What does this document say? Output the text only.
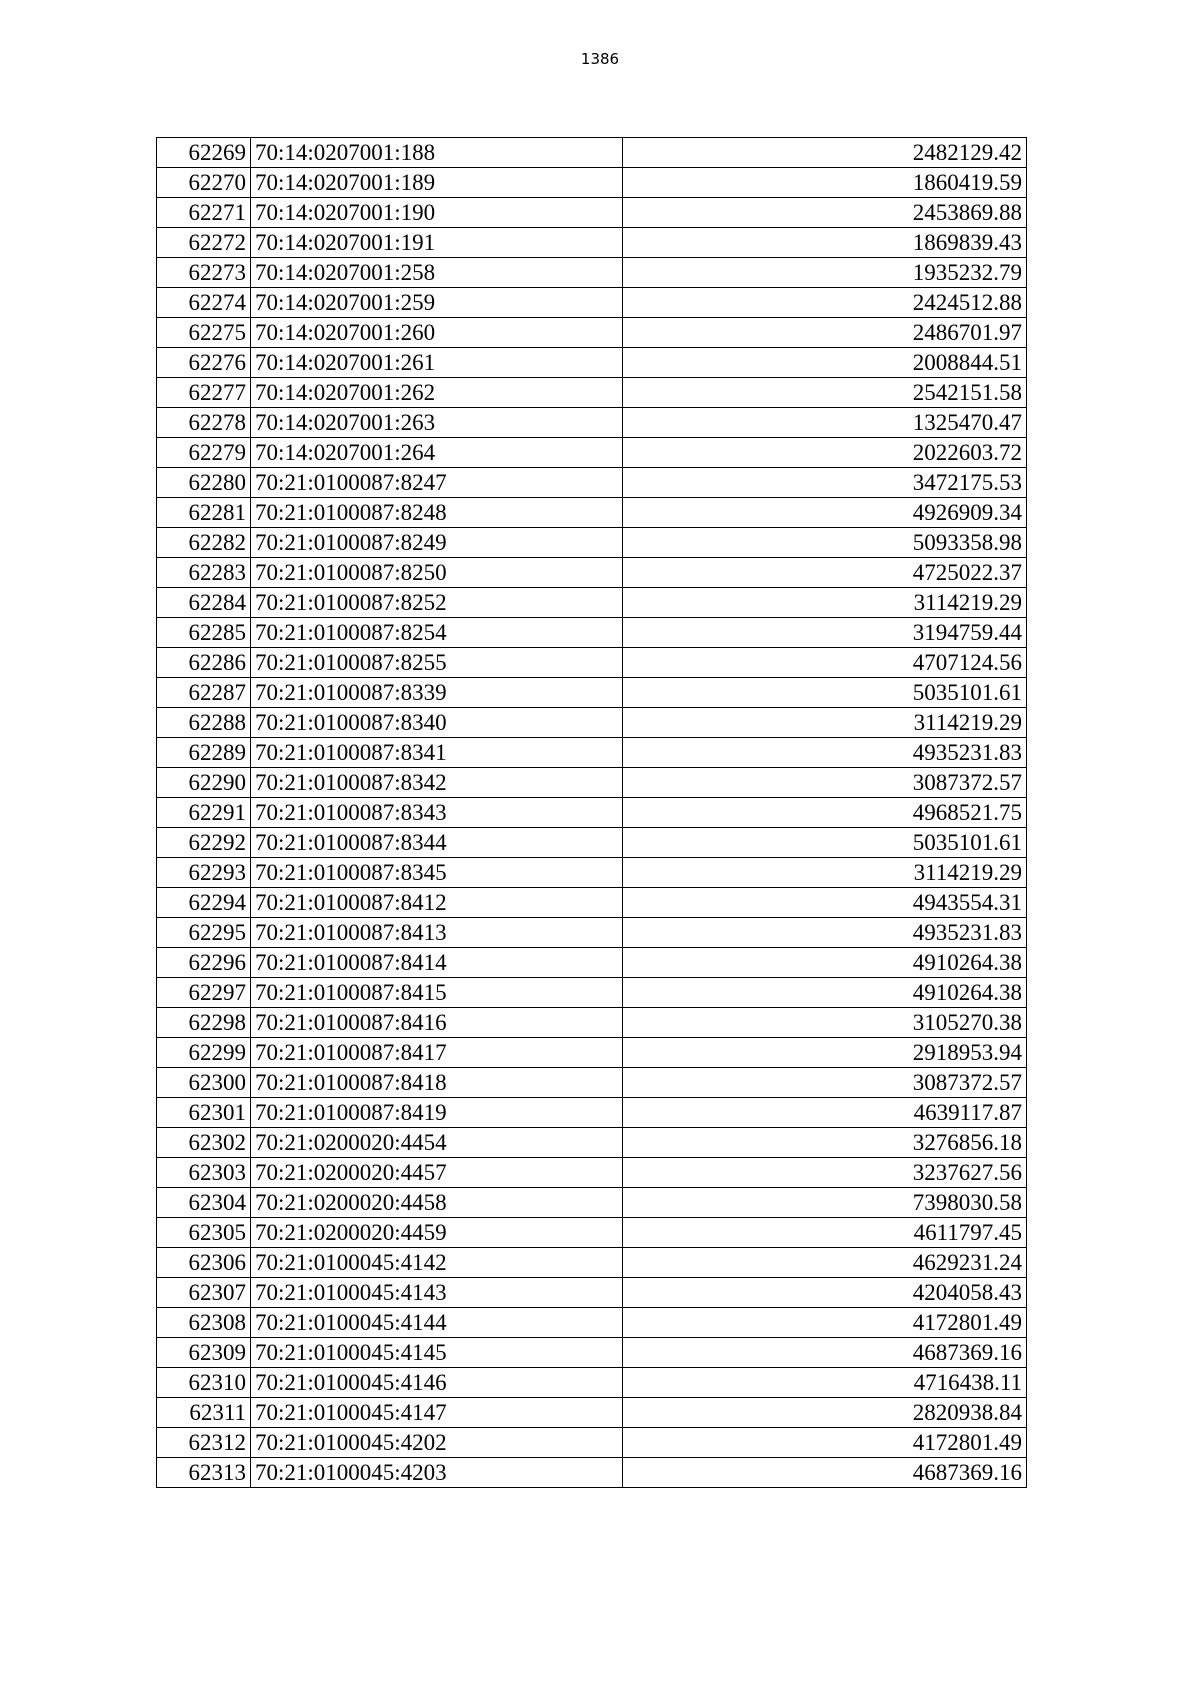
1386
62269	70:14:0207001:188	2482129.42
62270	70:14:0207001:189	1860419.59
62271	70:14:0207001:190	2453869.88
62272	70:14:0207001:191	1869839.43
62273	70:14:0207001:258	1935232.79
62274	70:14:0207001:259	2424512.88
62275	70:14:0207001:260	2486701.97
62276	70:14:0207001:261	2008844.51
62277	70:14:0207001:262	2542151.58
62278	70:14:0207001:263	1325470.47
62279	70:14:0207001:264	2022603.72
62280	70:21:0100087:8247	3472175.53
62281	70:21:0100087:8248	4926909.34
62282	70:21:0100087:8249	5093358.98
62283	70:21:0100087:8250	4725022.37
62284	70:21:0100087:8252	3114219.29
62285	70:21:0100087:8254	3194759.44
62286	70:21:0100087:8255	4707124.56
62287	70:21:0100087:8339	5035101.61
62288	70:21:0100087:8340	3114219.29
62289	70:21:0100087:8341	4935231.83
62290	70:21:0100087:8342	3087372.57
62291	70:21:0100087:8343	4968521.75
62292	70:21:0100087:8344	5035101.61
62293	70:21:0100087:8345	3114219.29
62294	70:21:0100087:8412	4943554.31
62295	70:21:0100087:8413	4935231.83
62296	70:21:0100087:8414	4910264.38
62297	70:21:0100087:8415	4910264.38
62298	70:21:0100087:8416	3105270.38
62299	70:21:0100087:8417	2918953.94
62300	70:21:0100087:8418	3087372.57
62301	70:21:0100087:8419	4639117.87
62302	70:21:0200020:4454	3276856.18
62303	70:21:0200020:4457	3237627.56
62304	70:21:0200020:4458	7398030.58
62305	70:21:0200020:4459	4611797.45
62306	70:21:0100045:4142	4629231.24
62307	70:21:0100045:4143	4204058.43
62308	70:21:0100045:4144	4172801.49
62309	70:21:0100045:4145	4687369.16
62310	70:21:0100045:4146	4716438.11
62311	70:21:0100045:4147	2820938.84
62312	70:21:0100045:4202	4172801.49
62313	70:21:0100045:4203	4687369.16
